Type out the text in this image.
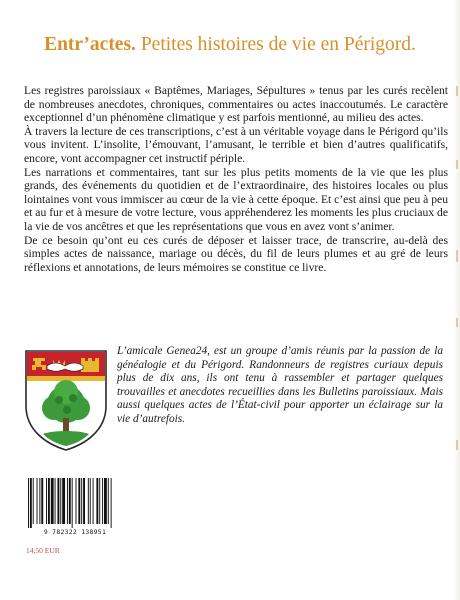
Entr’actes. Petites histoires de vie en Périgord.

Les registres paroissiaux « Baptêmes, Mariages, Sépultures » tenus par les curés recèlent de nombreuses anecdotes, chroniques, commentaires ou actes inaccoutumés. Le caractère exceptionnel d’un phénomène climatique y est parfois mentionné, au milieu des actes.

À travers la lecture de ces transcriptions, c’est à un véritable voyage dans le Périgord qu’ils vous invitent. L’insolite, l’émouvant, l’amusant, le terrible et bien d’autres qualificatifs, encore, vont accompagner cet instructif périple.

Les narrations et commentaires, tant sur les plus petits moments de la vie que les plus grands, des événements du quotidien et de l’extraordinaire, des histoires locales ou plus lointaines vont vous immiscer au cœur de la vie à cette époque. Et c’est ainsi que peu à peu et au fur et à mesure de votre lecture, vous appréhenderez les moments les plus cruciaux de la vie de vos ancêtres et que les représentations que vous en avez vont s’animer.

De ce besoin qu’ont eu ces curés de déposer et laisser trace, de transcrire, au-delà des simples actes de naissance, mariage ou décès, du fil de leurs plumes et au gré de leurs réflexions et annotations, de leurs mémoires se constitue ce livre.

L’amicale Genea24, est un groupe d’amis réunis par la passion de la généalogie et du Périgord. Randonneurs de registres curiaux depuis plus de dix ans, ils ont tenu à rassembler et partager quelques trouvailles et anecdotes recueillies dans les Bulletins paroissiaux. Mais aussi quelques actes de l’État-civil pour apporter un éclairage sur la vie d’autrefois.
9 782322 138951
14,50 EUR
